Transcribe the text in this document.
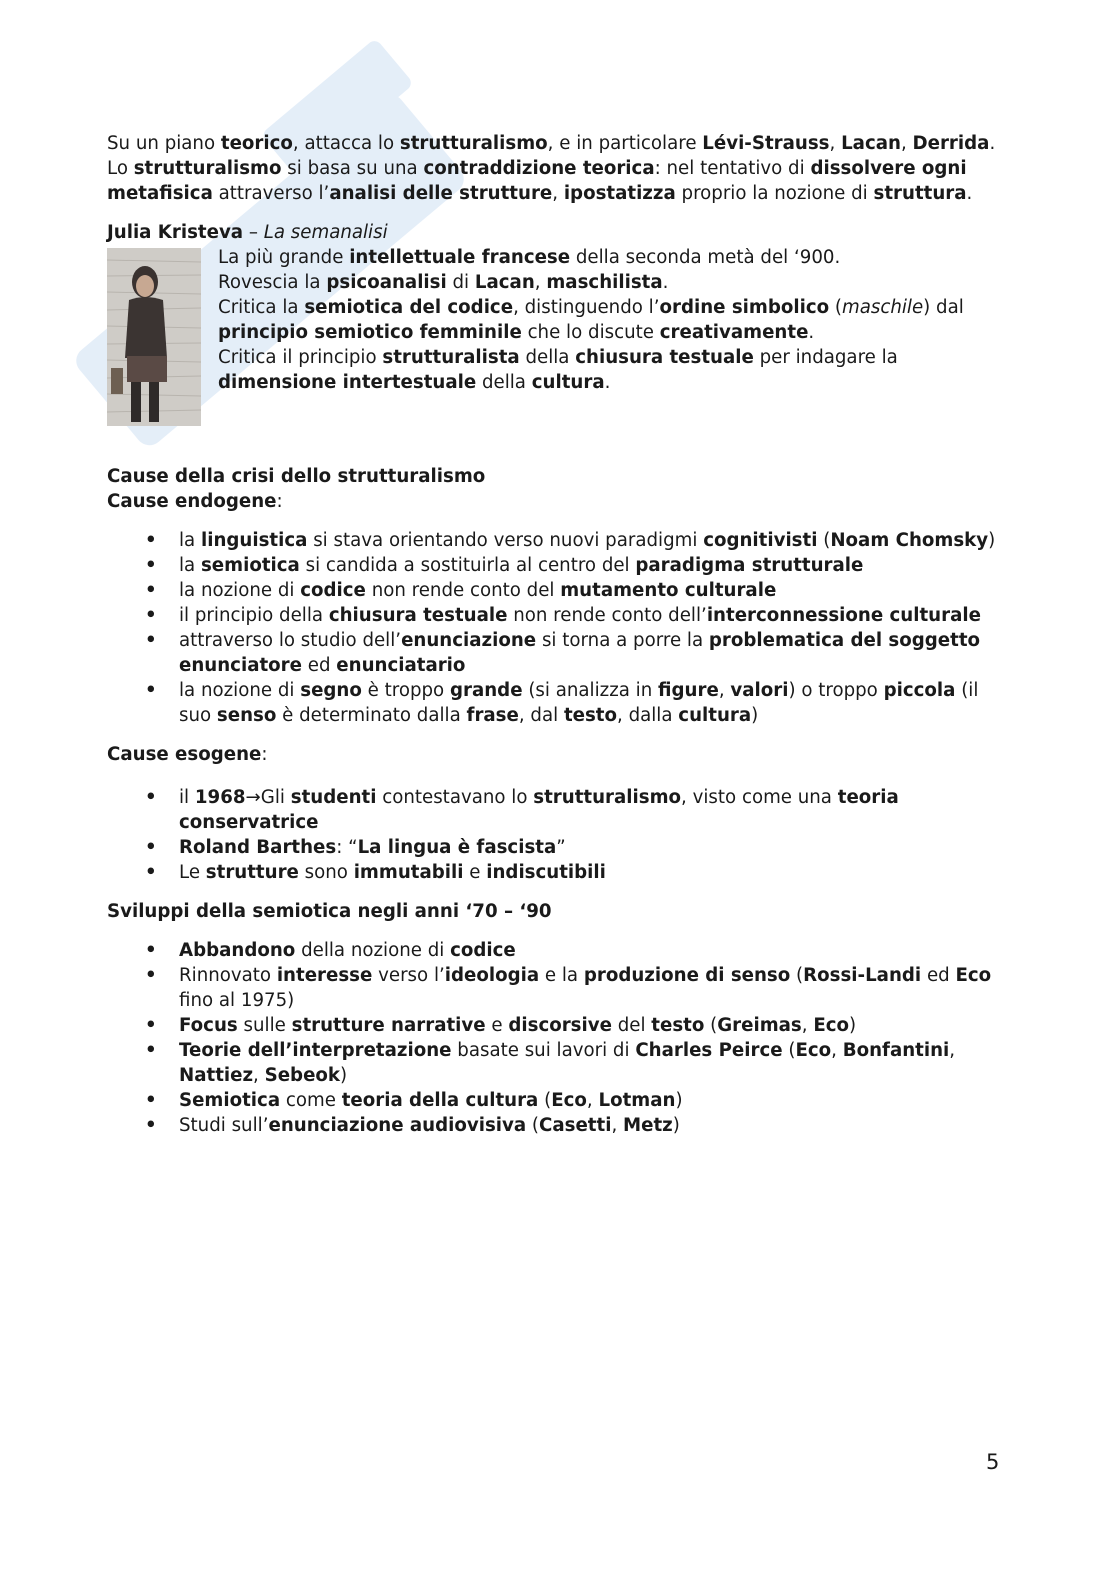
Su un piano teorico, attacca lo strutturalismo, e in particolare Lévi-Strauss, Lacan, Derrida.

Lo strutturalismo si basa su una contraddizione teorica: nel tentativo di dissolvere ogni metafisica attraverso l’analisi delle strutture, ipostatizza proprio la nozione di struttura.

Julia Kristeva – La semanalisi

La più grande intellettuale francese della seconda metà del ‘900.

Rovescia la psicoanalisi di Lacan, maschilista.

Critica la semiotica del codice, distinguendo l’ordine simbolico (maschile) dal principio semiotico femminile che lo discute creativamente.

Critica il principio strutturalista della chiusura testuale per indagare la dimensione intertestuale della cultura.

Cause della crisi dello strutturalismo

Cause endogene:

• la linguistica si stava orientando verso nuovi paradigmi cognitivisti (Noam Chomsky)
• la semiotica si candida a sostituirla al centro del paradigma strutturale
• la nozione di codice non rende conto del mutamento culturale
• il principio della chiusura testuale non rende conto dell’interconnessione culturale
• attraverso lo studio dell’enunciazione si torna a porre la problematica del soggetto enunciatore ed enunciatario
• la nozione di segno è troppo grande (si analizza in figure, valori) o troppo piccola (il suo senso è determinato dalla frase, dal testo, dalla cultura)

Cause esogene:

• il 1968→Gli studenti contestavano lo strutturalismo, visto come una teoria conservatrice
• Roland Barthes: “La lingua è fascista”
• Le strutture sono immutabili e indiscutibili

Sviluppi della semiotica negli anni ‘70 – ‘90

• Abbandono della nozione di codice
• Rinnovato interesse verso l’ideologia e la produzione di senso (Rossi-Landi ed Eco fino al 1975)
• Focus sulle strutture narrative e discorsive del testo (Greimas, Eco)
• Teorie dell’interpretazione basate sui lavori di Charles Peirce (Eco, Bonfantini, Nattiez, Sebeok)
• Semiotica come teoria della cultura (Eco, Lotman)
• Studi sull’enunciazione audiovisiva (Casetti, Metz)
5
